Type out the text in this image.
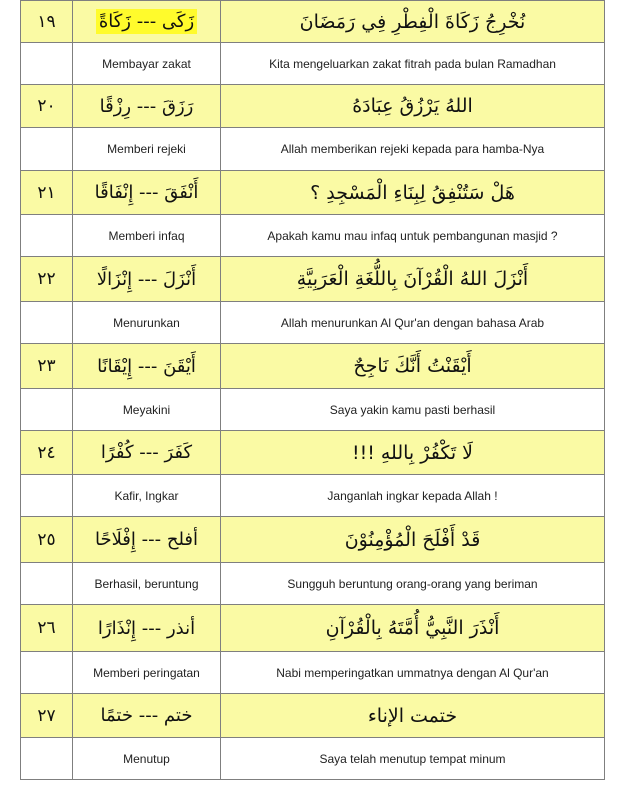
١٩	زَكَى --- زَكَاةً	نُخْرِجُ زَكَاةَ الْفِطْرِ فِي رَمَضَانَ
	Membayar zakat	Kita mengeluarkan zakat fitrah pada bulan Ramadhan
٢٠	رَزَقَ --- رِزْقًا	اللهُ يَرْزُقُ عِبَادَهُ
	Memberi rejeki	Allah memberikan rejeki kepada para hamba-Nya
٢١	أَنْفَقَ --- إِنْفَاقًا	هَلْ سَتُنْفِقُ لِبِنَاءِ الْمَسْجِدِ ؟
	Memberi infaq	Apakah kamu mau infaq untuk pembangunan masjid ?
٢٢	أَنْزَلَ --- إِنْزَالًا	أَنْزَلَ اللهُ الْقُرْآنَ بِاللُّغَةِ الْعَرَبِيَّةِ
	Menurunkan	Allah menurunkan Al Qur'an dengan bahasa Arab
٢٣	أَيْقَنَ --- إِيْقَانًا	أَيْقَنْتُ أَنَّكَ نَاجِحٌ
	Meyakini	Saya yakin kamu pasti berhasil
٢٤	كَفَرَ --- كُفْرًا	لَا تَكْفُرْ بِاللهِ !!!
	Kafir, Ingkar	Janganlah ingkar kepada Allah !
٢٥	أفلح --- إِفْلَاحًا	قَدْ أَفْلَحَ الْمُؤْمِنُوْنَ
	Berhasil, beruntung	Sungguh beruntung orang-orang yang beriman
٢٦	أنذر --- إِنْذَارًا	أَنْذَرَ النَّبِيُّ أُمَّتَهُ بِالْقُرْآنِ
	Memberi peringatan	Nabi memperingatkan ummatnya dengan Al Qur'an
٢٧	ختم --- ختمًا	ختمت الإناء
	Menutup	Saya telah menutup tempat minum
